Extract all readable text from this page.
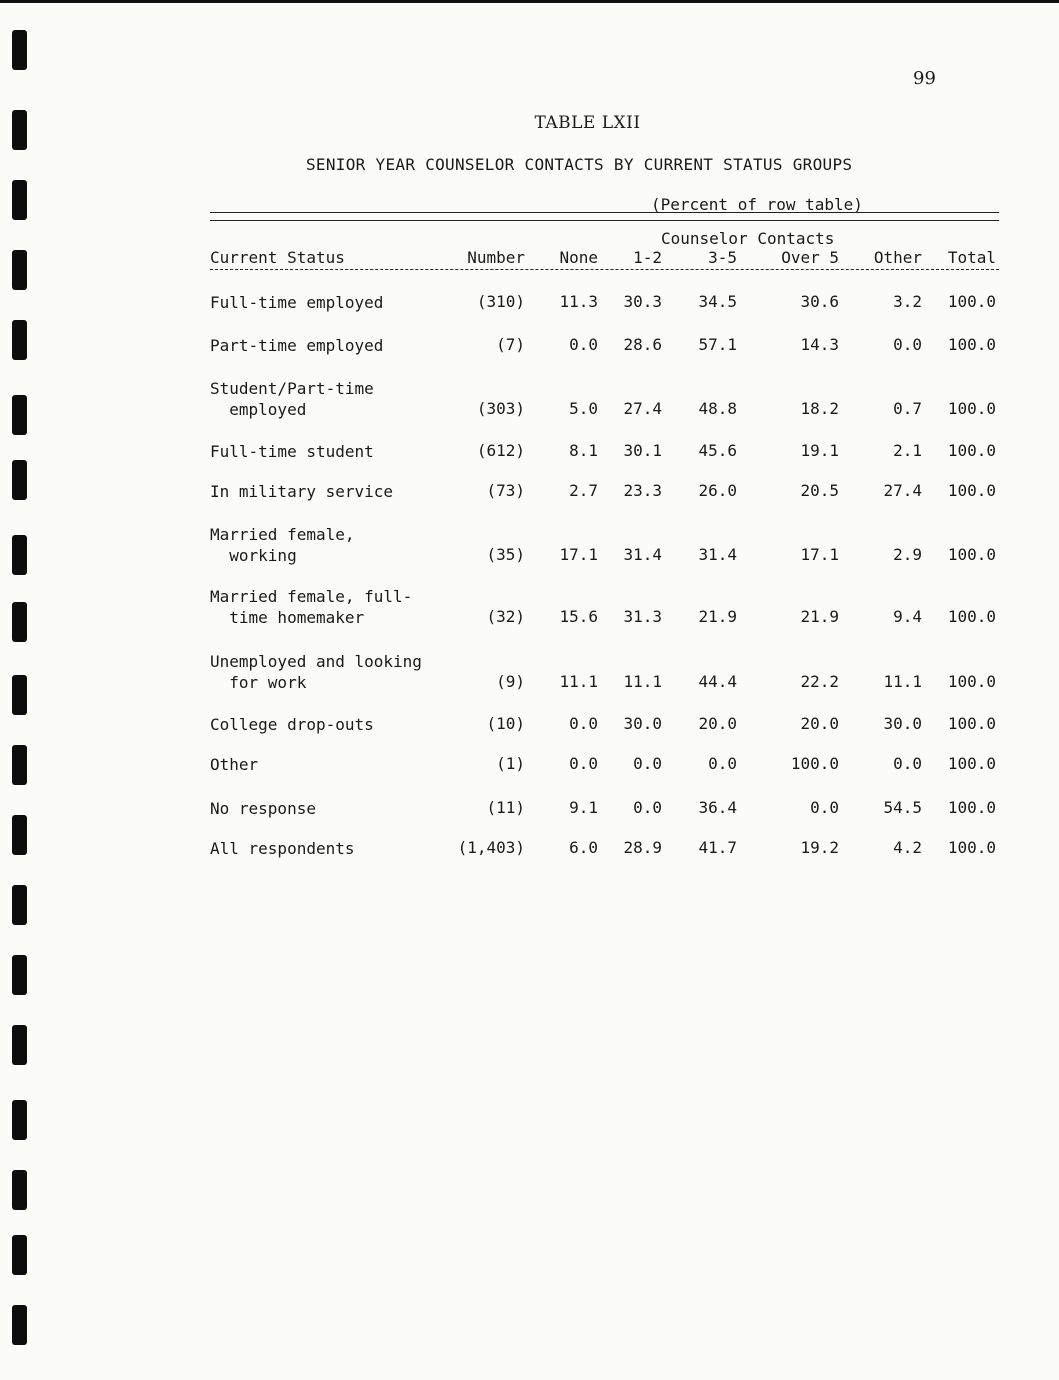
99
TABLE LXII
SENIOR YEAR COUNSELOR CONTACTS BY CURRENT STATUS GROUPS
(Percent of row table)
Counselor Contacts
Current Status	Number	None	1-2	3-5	Over 5	Other	Total
Full-time employed	(310)	11.3	30.3	34.5	30.6	3.2	100.0
Part-time employed	(7)	0.0	28.6	57.1	14.3	0.0	100.0
Student/Part-time
employed	(303)	5.0	27.4	48.8	18.2	0.7	100.0
Full-time student	(612)	8.1	30.1	45.6	19.1	2.1	100.0
In military service	(73)	2.7	23.3	26.0	20.5	27.4	100.0
Married female,
working	(35)	17.1	31.4	31.4	17.1	2.9	100.0
Married female, full-
time homemaker	(32)	15.6	31.3	21.9	21.9	9.4	100.0
Unemployed and looking
for work	(9)	11.1	11.1	44.4	22.2	11.1	100.0
College drop-outs	(10)	0.0	30.0	20.0	20.0	30.0	100.0
Other	(1)	0.0	0.0	0.0	100.0	0.0	100.0
No response	(11)	9.1	0.0	36.4	0.0	54.5	100.0
All respondents	(1,403)	6.0	28.9	41.7	19.2	4.2	100.0
